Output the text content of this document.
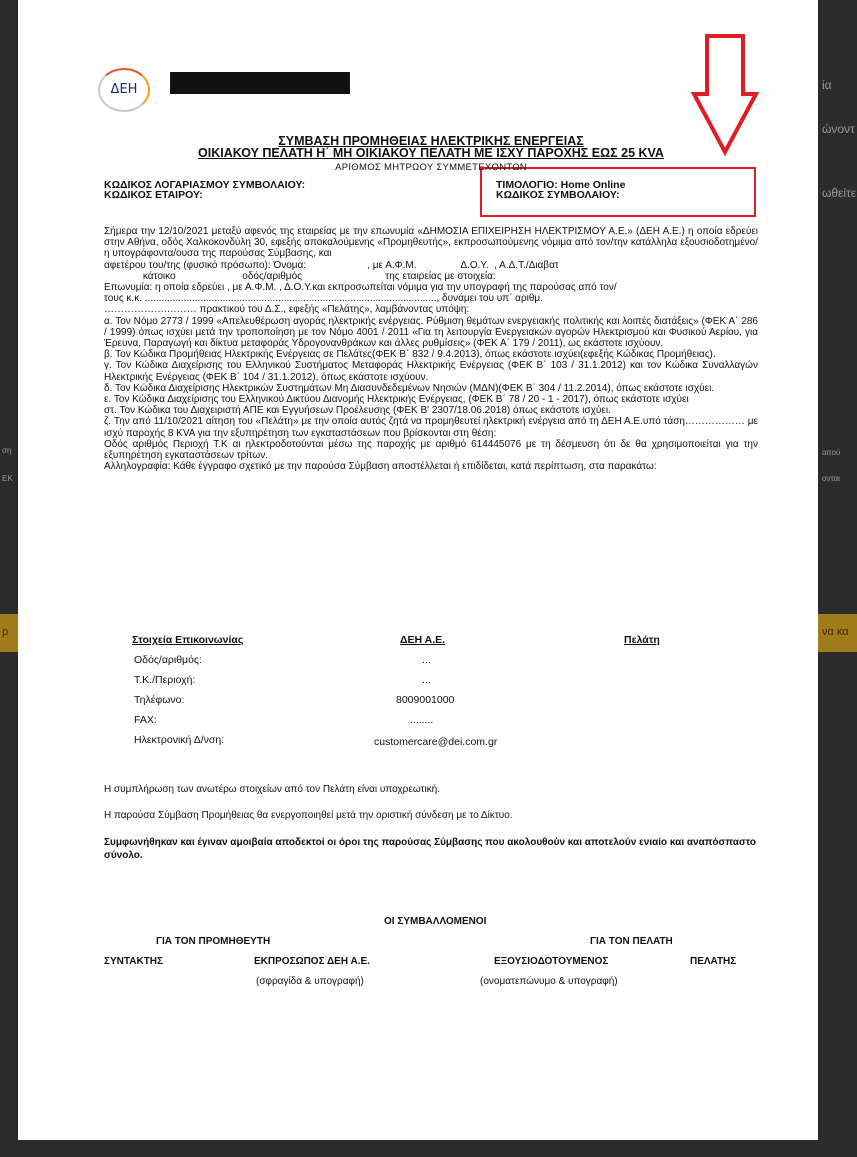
ία
ώνοντ
ωθείτε
ση
ΕΚ
αιτού
ονται
να κα
ρ
ΔΕΗ
ΣΥΜΒΑΣΗ ΠΡΟΜΗΘΕΙΑΣ ΗΛΕΚΤΡΙΚΗΣ ΕΝΕΡΓΕΙΑΣ
ΟΙΚΙΑΚΟΥ ΠΕΛΑΤΗ Η΄ ΜΗ ΟΙΚΙΑΚΟΥ ΠΕΛΑΤΗ ΜΕ ΙΣΧΥ ΠΑΡΟΧΗΣ ΕΩΣ 25 KVA
ΑΡΙΘΜΟΣ ΜΗΤΡΩΟΥ ΣΥΜΜΕΤΕΧΟΝΤΩΝ
ΚΩΔΙΚΟΣ ΛΟΓΑΡΙΑΣΜΟΥ ΣΥΜΒΟΛΑΙΟΥ:
ΚΩΔΙΚΟΣ ΕΤΑΙΡΟΥ:
ΤΙΜΟΛΟΓΙΟ: Home Online
ΚΩΔΙΚΟΣ ΣΥΜΒΟΛΑΙΟΥ:

Σήμερα την 12/10/2021 μεταξύ αφενός της εταιρείας με την επωνυμία «ΔΗΜΟΣΙΑ ΕΠΙΧΕΙΡΗΣΗ ΗΛΕΚΤΡΙΣΜΟΥ Α.Ε.» (ΔΕΗ Α.Ε.) η οποία εδρεύει στην Αθήνα, οδός Χαλκοκονδύλη 30, εφεξής αποκαλούμενης «Προμηθευτής», εκπροσωπούμενης νόμιμα από τον/την κατάλληλα εξουσιοδοτημένο/η υπογράφοντα/ουσα της παρούσας Σύμβασης, και

αφετέρου του/της (φυσικό πρόσωπο): Όνομα:                      , με Α.Φ.Μ.                Δ.Ο.Υ.  , Α.Δ.Τ./Διαβατ

κάτοικο                        οδός/αριθμός                              της εταιρείας με στοιχεία:

Επωνυμία: η οποία εδρεύει , με Α.Φ.Μ. , Δ.Ο.Υ.και εκπροσωπείται νόμιμα για την υπογραφή της παρούσας από τον/

τους κ.κ. ........................................................................................................., δυνάμει του υπ΄ αριθμ.

……………….……… πρακτικού του Δ.Σ., εφεξής «Πελάτης», λαμβάνοντας υπόψη:

α. Τον Νόμο 2773 / 1999 «Απελευθέρωση αγοράς ηλεκτρικής ενέργειας. Ρύθμιση θεμάτων ενεργειακής πολιτικής και λοιπές διατάξεις» (ΦΕΚ Α΄ 286 / 1999) όπως ισχύει μετά την τροποποίηση με τον Νόμο 4001 / 2011 «Για τη λειτουργία Ενεργειακών αγορών Ηλεκτρισμού και Φυσικού Αερίου, για Έρευνα, Παραγωγή και δίκτυα μεταφοράς Υδρογονανθράκων και άλλες ρυθμίσεις» (ΦΕΚ Α΄ 179 / 2011), ως εκάστοτε ισχύουν.

β. Τον Κώδικα Προμήθειας Ηλεκτρικής Ενέργειας σε Πελάτες(ΦΕΚ Β΄ 832 / 9.4.2013), όπως εκάστοτε ισχύει(εφεξής Κώδικας Προμήθειας).

γ. Τον Κώδικα Διαχείρισης του Ελληνικού Συστήματος Μεταφοράς Ηλεκτρικής Ενέργειας (ΦΕΚ Β΄ 103 / 31.1.2012) και τον Κώδικα Συναλλαγών Ηλεκτρικής Ενέργειας (ΦΕΚ Β΄ 104 / 31.1.2012), όπως εκάστοτε ισχύουν.

δ. Τον Κώδικα Διαχείρισης Ηλεκτρικών Συστημάτων Μη Διασυνδεδεμένων Νησιών (ΜΔΝ)(ΦΕΚ Β΄ 304 / 11.2.2014), όπως εκάστοτε ισχύει.

ε. Τον Κώδικα Διαχείρισης του Ελληνικού Δικτύου Διανομής Ηλεκτρικής Ενέργειας, (ΦΕΚ Β΄ 78 / 20 - 1 - 2017), όπως εκάστοτε ισχύει

στ. Τον Κώδικα του Διαχειριστή ΑΠΕ και Εγγυήσεων Προέλευσης (ΦΕΚ Β' 2307/18.06.2018) όπως εκάστοτε ισχύει.

ζ. Την από 11/10/2021 αίτηση του «Πελάτη» με την οποία αυτός ζητά να προμηθευτεί ηλεκτρική ενέργεια από τη ΔΕΗ Α.Ε.υπό τάση……………… με ισχύ παροχής 8 KVA για την εξυπηρέτηση των εγκαταστάσεων που βρίσκονται στη θέση:

Οδός αριθμός Περιοχή Τ.Κ αι ηλεκτροδοτούνται μέσω της παροχής με αριθμό 614445076 με τη δέσμευση ότι δε θα χρησιμοποιείται για την εξυπηρέτηση εγκαταστάσεων τρίτων.

Αλληλογραφία: Κάθε έγγραφο σχετικό με την παρούσα Σύμβαση αποστέλλεται ή επιδίδεται, κατά περίπτωση, στα παρακάτω:

Στοιχεία Επικοινωνίας	ΔΕΗ Α.Ε.	Πελάτη
Οδός/αριθμός:	...
Τ.Κ./Περιοχή:	...
Τηλέφωνο:	8009001000
FAX:	........
Ηλεκτρονική Δ/νση:	customercare@dei.com.gr
Η συμπλήρωση των ανωτέρω στοιχείων από τον Πελάτη είναι υποχρεωτική.
Η παρούσα Σύμβαση Προμήθειας θα ενεργοποιηθεί μετά την οριστική σύνδεση με το Δίκτυο.
Συμφωνήθηκαν και έγιναν αμοιβαία αποδεκτοί οι όροι της παρούσας Σύμβασης που ακολουθούν και αποτελούν ενιαίο και αναπόσπαστο σύνολο.
ΟΙ ΣΥΜΒΑΛΛΟΜΕΝΟΙ
ΓΙΑ ΤΟΝ ΠΡΟΜΗΘΕΥΤΗ	ΓΙΑ ΤΟΝ ΠΕΛΑΤΗ
ΣΥΝΤΑΚΤΗΣ	ΕΚΠΡΟΣΩΠΟΣ ΔΕΗ Α.Ε.
(σφραγίδα & υπογραφή)
ΕΞΟΥΣΙΟΔΟΤΟΥΜΕΝΟΣ
(ονοματεπώνυμο & υπογραφή)
ΠΕΛΑΤΗΣ
